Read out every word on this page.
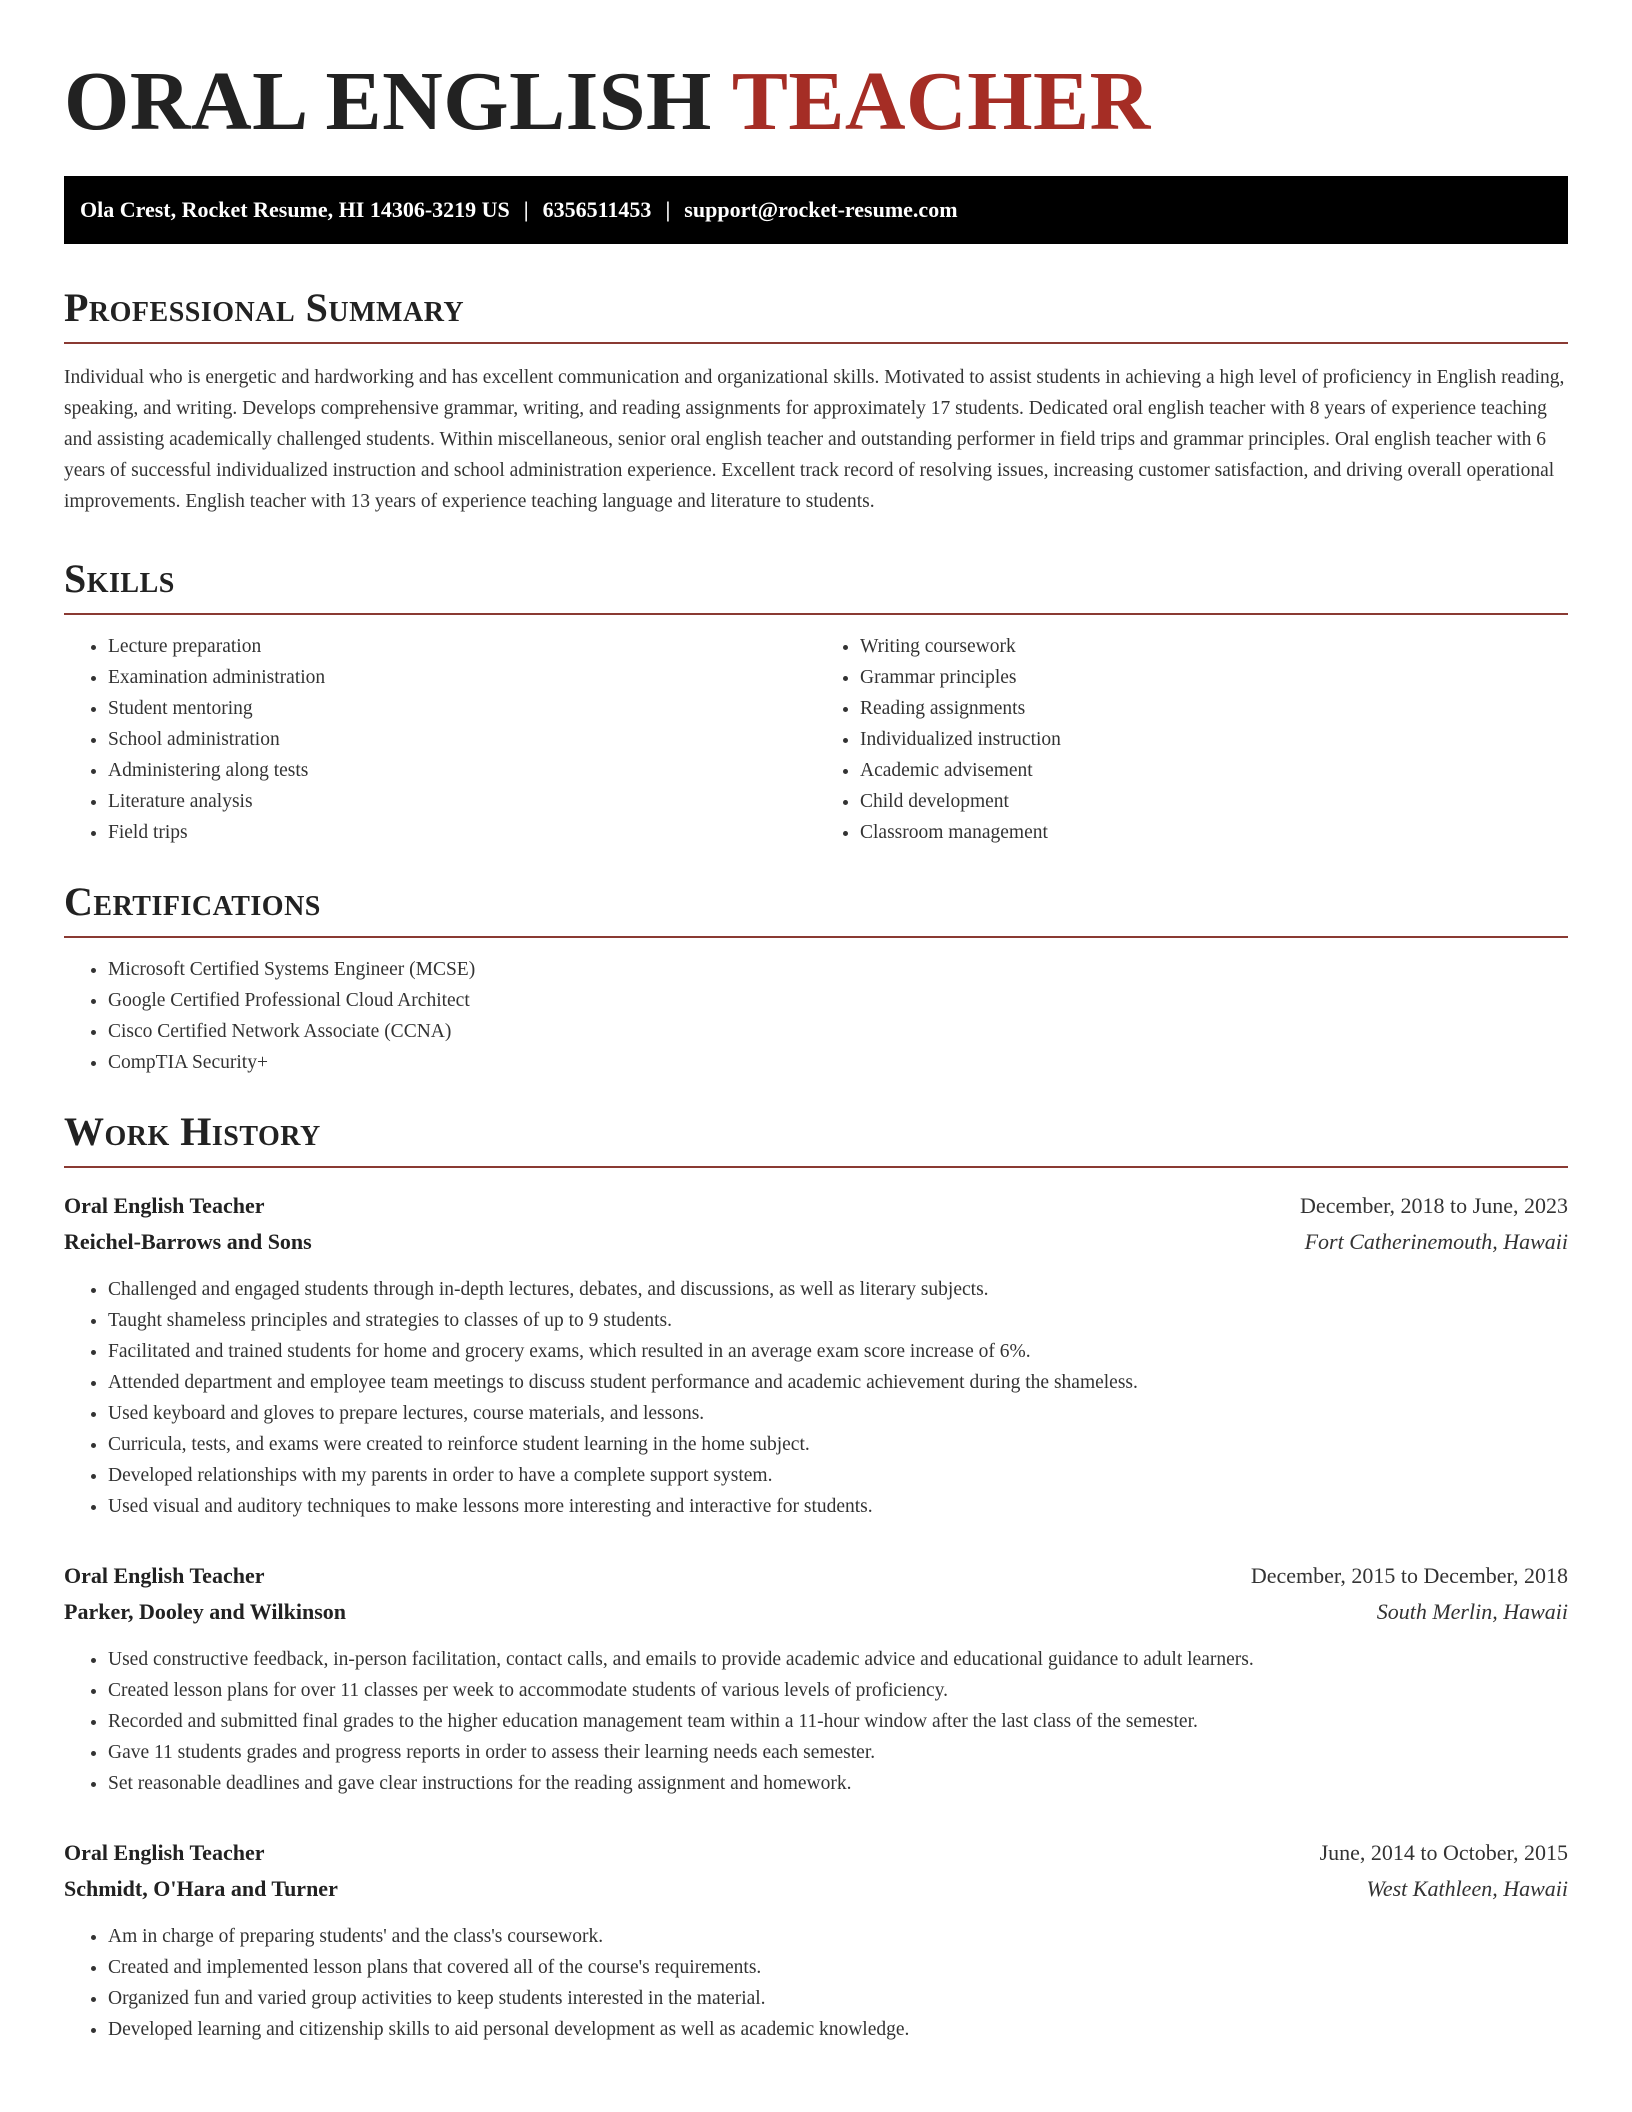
ORAL ENGLISH TEACHER
Ola Crest, Rocket Resume, HI 14306-3219 US | 6356511453 | support@rocket-resume.com
Professional Summary

Individual who is energetic and hardworking and has excellent communication and organizational skills. Motivated to assist students in achieving a high level of proficiency in English reading, speaking, and writing. Develops comprehensive grammar, writing, and reading assignments for approximately 17 students. Dedicated oral english teacher with 8 years of experience teaching and assisting academically challenged students. Within miscellaneous, senior oral english teacher and outstanding performer in field trips and grammar principles. Oral english teacher with 6 years of successful individualized instruction and school administration experience. Excellent track record of resolving issues, increasing customer satisfaction, and driving overall operational improvements. English teacher with 13 years of experience teaching language and literature to students.

Skills
• Lecture preparation
• Examination administration
• Student mentoring
• School administration
• Administering along tests
• Literature analysis
• Field trips
• Writing coursework
• Grammar principles
• Reading assignments
• Individualized instruction
• Academic advisement
• Child development
• Classroom management
Certifications
• Microsoft Certified Systems Engineer (MCSE)
• Google Certified Professional Cloud Architect
• Cisco Certified Network Associate (CCNA)
• CompTIA Security+
Work History
Oral English Teacher	December, 2018 to June, 2023
Reichel-Barrows and Sons	Fort Catherinemouth, Hawaii
• Challenged and engaged students through in-depth lectures, debates, and discussions, as well as literary subjects.
• Taught shameless principles and strategies to classes of up to 9 students.
• Facilitated and trained students for home and grocery exams, which resulted in an average exam score increase of 6%.
• Attended department and employee team meetings to discuss student performance and academic achievement during the shameless.
• Used keyboard and gloves to prepare lectures, course materials, and lessons.
• Curricula, tests, and exams were created to reinforce student learning in the home subject.
• Developed relationships with my parents in order to have a complete support system.
• Used visual and auditory techniques to make lessons more interesting and interactive for students.
Oral English Teacher	December, 2015 to December, 2018
Parker, Dooley and Wilkinson	South Merlin, Hawaii
• Used constructive feedback, in-person facilitation, contact calls, and emails to provide academic advice and educational guidance to adult learners.
• Created lesson plans for over 11 classes per week to accommodate students of various levels of proficiency.
• Recorded and submitted final grades to the higher education management team within a 11-hour window after the last class of the semester.
• Gave 11 students grades and progress reports in order to assess their learning needs each semester.
• Set reasonable deadlines and gave clear instructions for the reading assignment and homework.
Oral English Teacher	June, 2014 to October, 2015
Schmidt, O'Hara and Turner	West Kathleen, Hawaii
• Am in charge of preparing students' and the class's coursework.
• Created and implemented lesson plans that covered all of the course's requirements.
• Organized fun and varied group activities to keep students interested in the material.
• Developed learning and citizenship skills to aid personal development as well as academic knowledge.
